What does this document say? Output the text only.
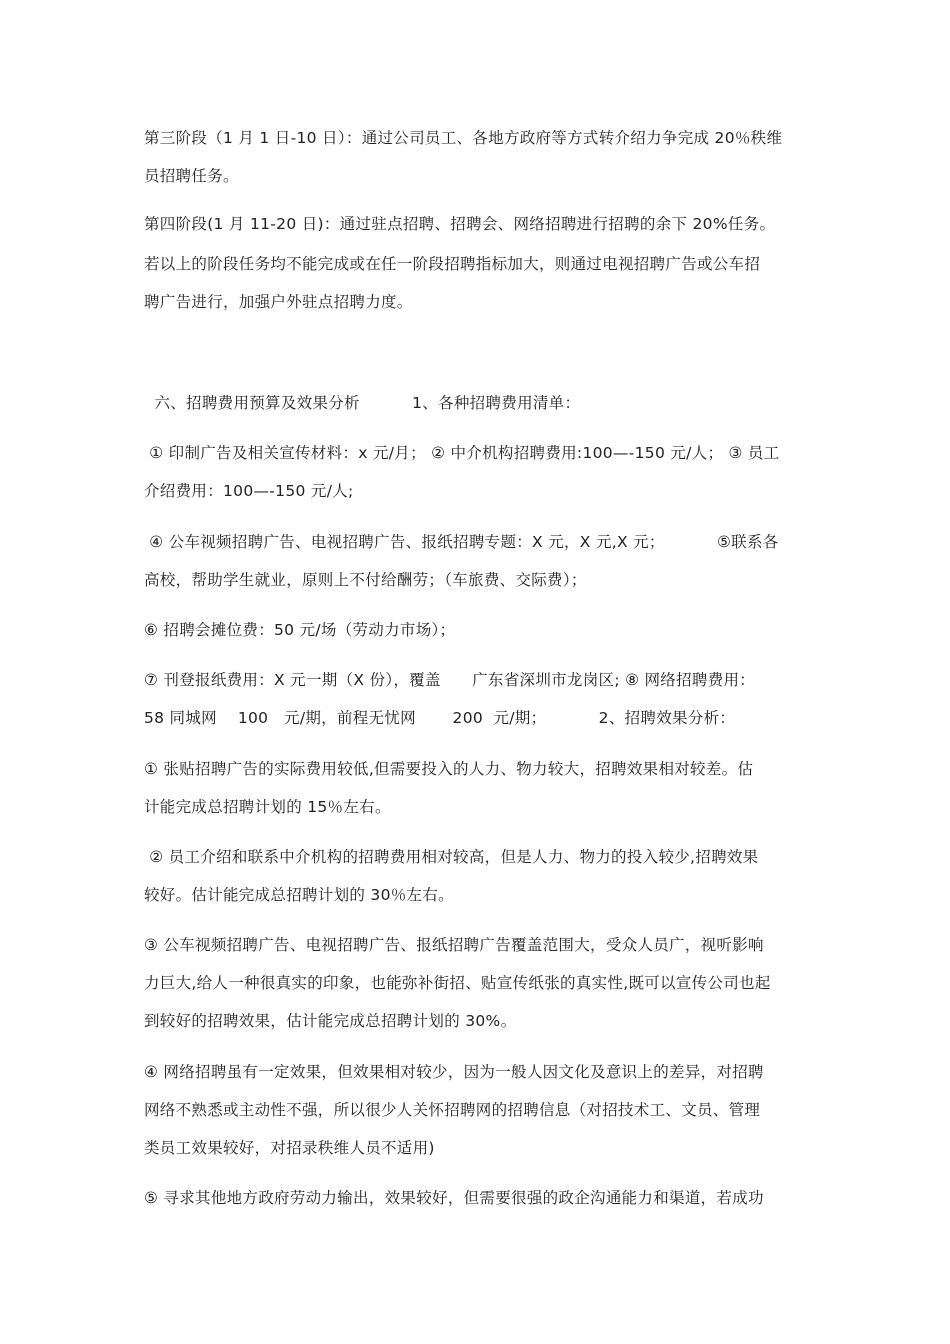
第三阶段（1 月 1 日-10 日）：通过公司员工、各地方政府等方式转介绍力争完成 20％秩维
员招聘任务。
第四阶段(1 月 11-20 日)：通过驻点招聘、招聘会、网络招聘进行招聘的余下 20%任务。
若以上的阶段任务均不能完成或在任一阶段招聘指标加大，则通过电视招聘广告或公车招
聘广告进行，加强户外驻点招聘力度。
六、招聘费用预算及效果分析          1、各种招聘费用清单：
① 印制广告及相关宣传材料：x 元/月； ② 中介机构招聘费用:100—-150 元/人； ③ 员工
介绍费用：100—-150 元/人;
④ 公车视频招聘广告、电视招聘广告、报纸招聘专题：X 元，X 元,X 元；          ⑤联系各
高校，帮助学生就业，原则上不付给酬劳；（车旅费、交际费）；
⑥ 招聘会摊位费：50 元/场（劳动力市场）；
⑦ 刊登报纸费用：X 元一期（X 份），覆盖      广东省深圳市龙岗区; ⑧ 网络招聘费用：
58 同城网    100   元/期，前程无忧网       200  元/期；          2、招聘效果分析：
① 张贴招聘广告的实际费用较低,但需要投入的人力、物力较大，招聘效果相对较差。估
计能完成总招聘计划的 15％左右。
② 员工介绍和联系中介机构的招聘费用相对较高，但是人力、物力的投入较少,招聘效果
较好。估计能完成总招聘计划的 30％左右。
③ 公车视频招聘广告、电视招聘广告、报纸招聘广告覆盖范围大，受众人员广，视听影响
力巨大,给人一种很真实的印象，也能弥补街招、贴宣传纸张的真实性,既可以宣传公司也起
到较好的招聘效果，估计能完成总招聘计划的 30%。
④ 网络招聘虽有一定效果，但效果相对较少，因为一般人因文化及意识上的差异，对招聘
网络不熟悉或主动性不强，所以很少人关怀招聘网的招聘信息（对招技术工、文员、管理
类员工效果较好，对招录秩维人员不适用)
⑤ 寻求其他地方政府劳动力输出，效果较好，但需要很强的政企沟通能力和渠道，若成功
